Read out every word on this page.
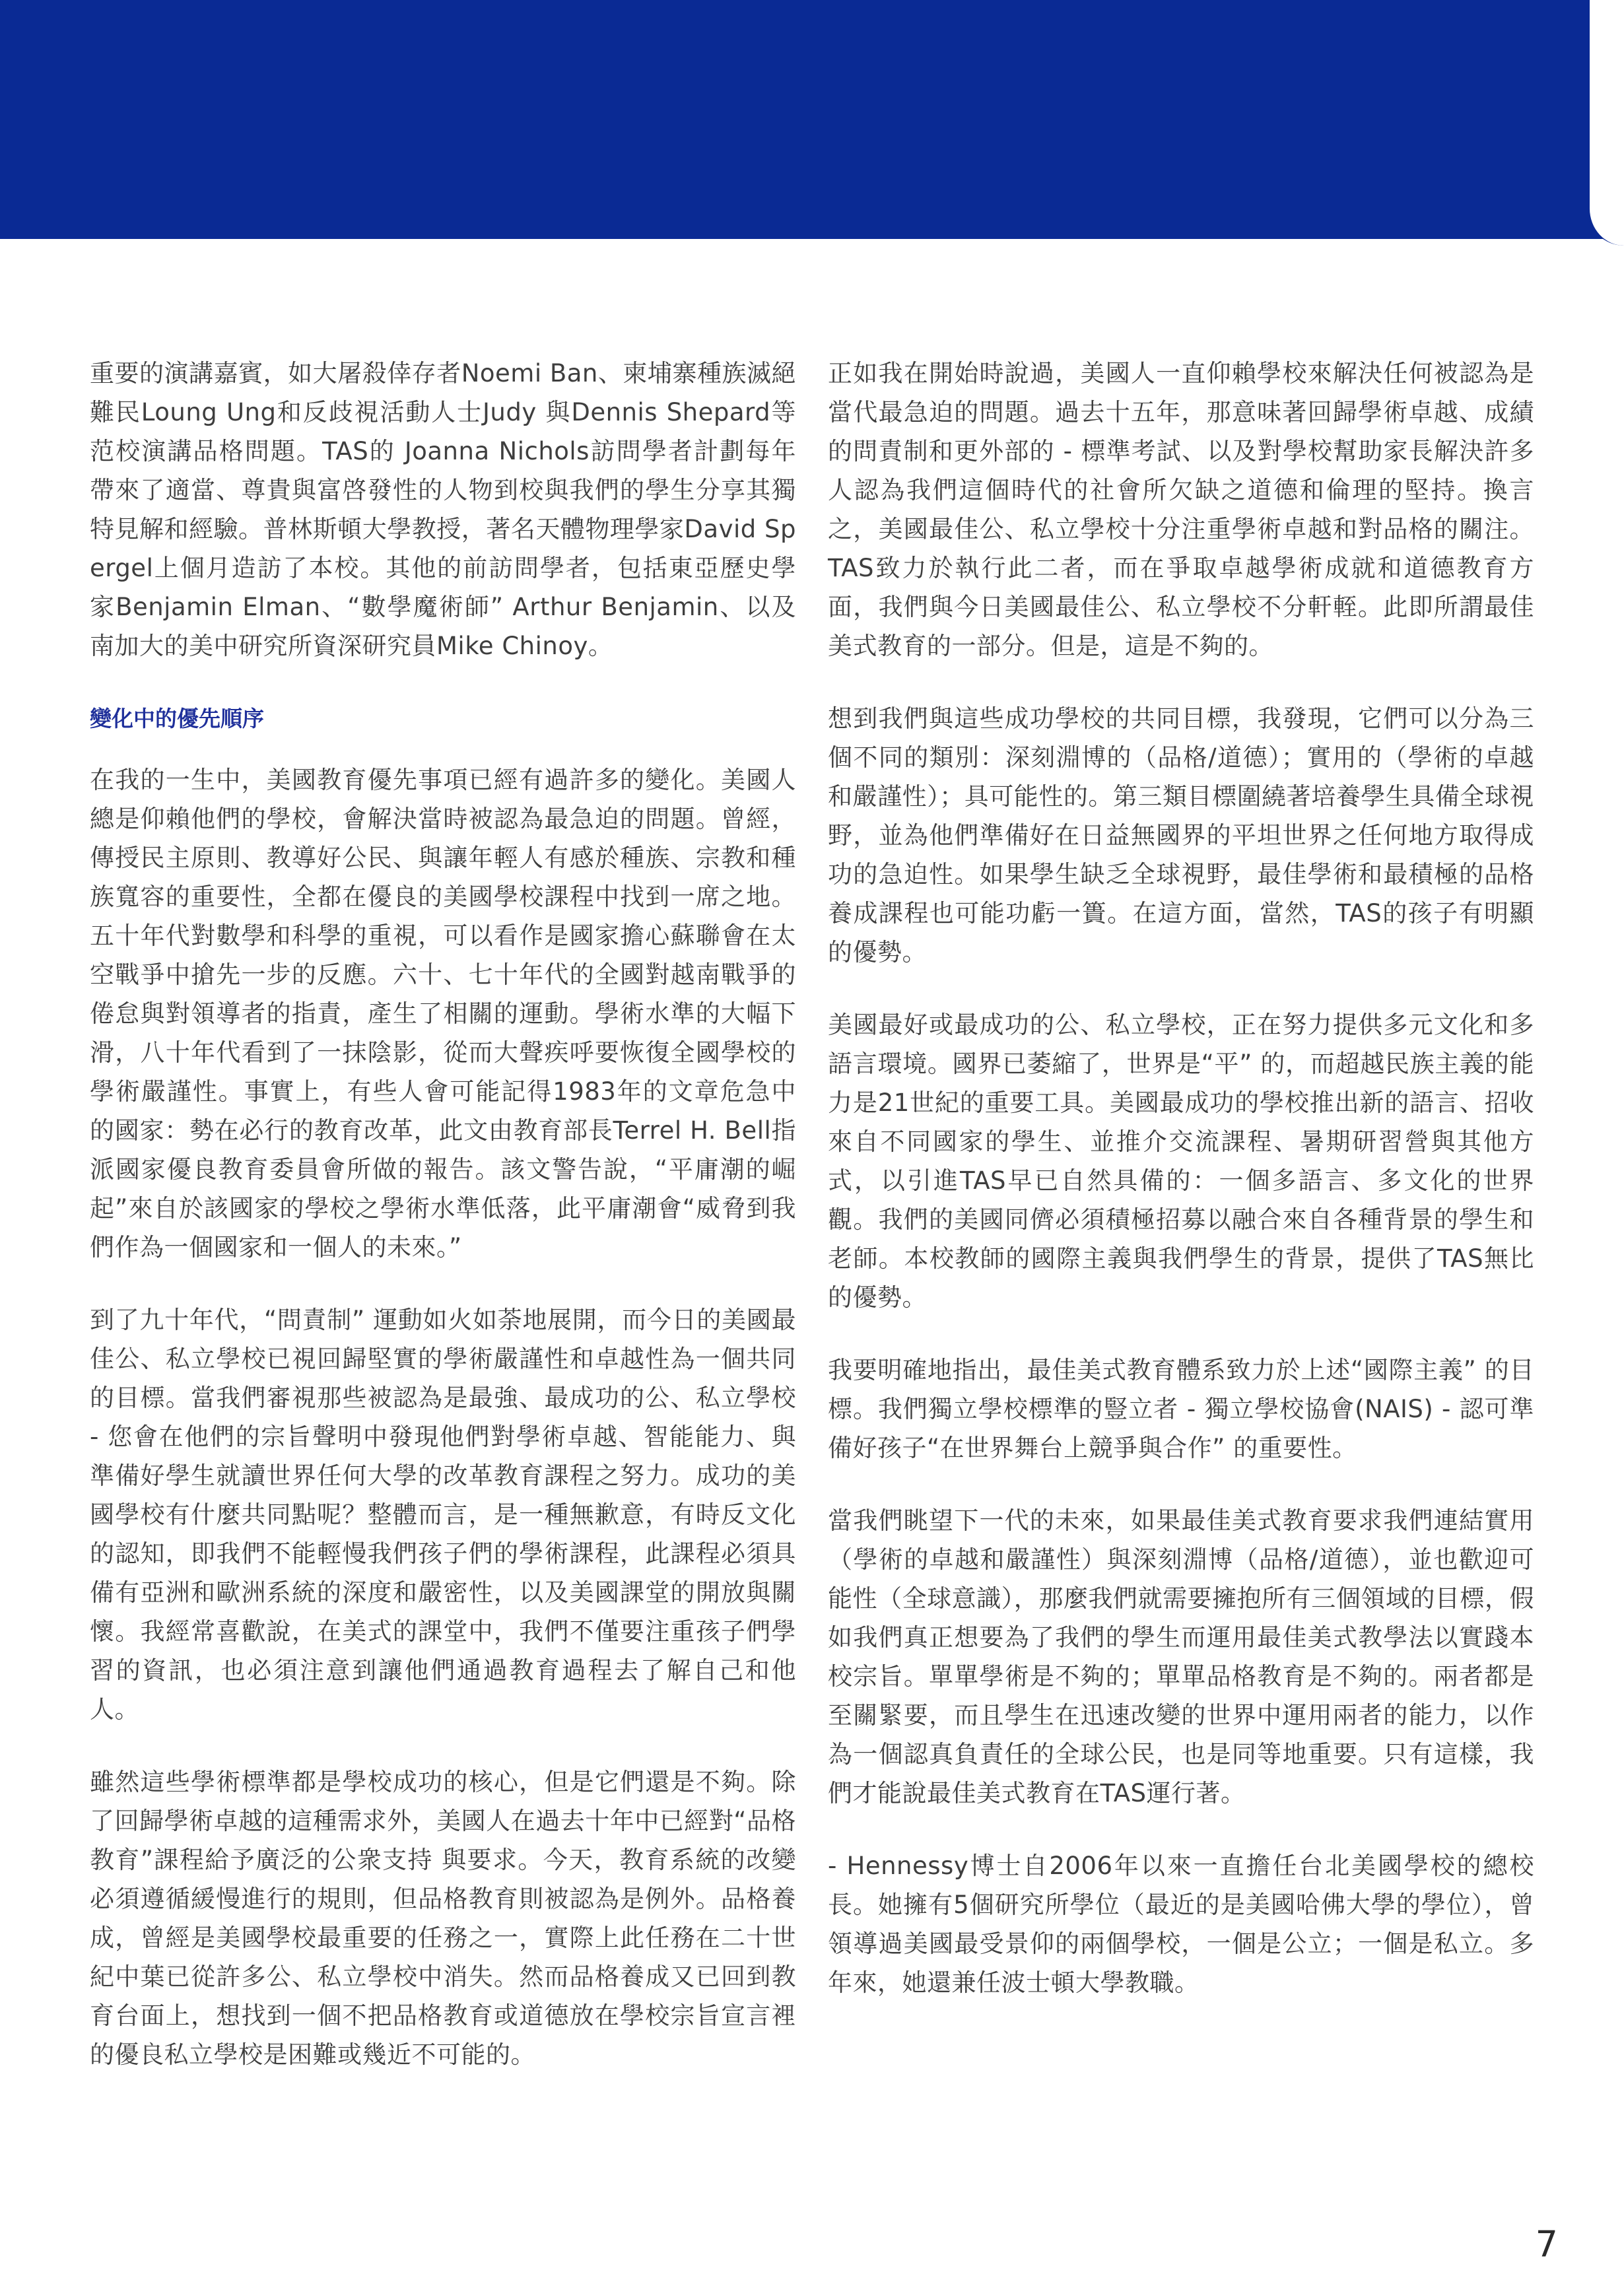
重要的演講嘉賓，如大屠殺倖存者Noemi Ban、柬埔寨種族滅絕難民Loung Ung和反歧視活動人士Judy 與Dennis Shepard等范校演講品格問題。TAS的 Joanna Nichols訪問學者計劃每年帶來了適當、尊貴與富啓發性的人物到校與我們的學生分享其獨特見解和經驗。普林斯頓大學教授，著名天體物理學家David Spergel上個月造訪了本校。其他的前訪問學者，包括東亞歷史學家Benjamin Elman、“數學魔術師” Arthur Benjamin、以及南加大的美中研究所資深研究員Mike Chinoy。

變化中的優先順序

在我的一生中，美國教育優先事項已經有過許多的變化。美國人總是仰賴他們的學校，會解決當時被認為最急迫的問題。曾經，傳授民主原則、教導好公民、與讓年輕人有感於種族、宗教和種族寬容的重要性，全都在優良的美國學校課程中找到一席之地。五十年代對數學和科學的重視，可以看作是國家擔心蘇聯會在太空戰爭中搶先一步的反應。六十、七十年代的全國對越南戰爭的倦怠與對領導者的指責，產生了相關的運動。學術水準的大幅下滑，八十年代看到了一抹陰影，從而大聲疾呼要恢復全國學校的學術嚴謹性。事實上，有些人會可能記得1983年的文章危急中的國家：勢在必行的教育改革，此文由教育部長Terrel H. Bell指派國家優良教育委員會所做的報告。該文警告說，“平庸潮的崛起”來自於該國家的學校之學術水準低落，此平庸潮會“威脅到我們作為一個國家和一個人的未來。”

到了九十年代，“問責制” 運動如火如荼地展開，而今日的美國最佳公、私立學校已視回歸堅實的學術嚴謹性和卓越性為一個共同的目標。當我們審視那些被認為是最強、最成功的公、私立學校 - 您會在他們的宗旨聲明中發現他們對學術卓越、智能能力、與準備好學生就讀世界任何大學的改革教育課程之努力。成功的美國學校有什麼共同點呢？整體而言，是一種無歉意，有時反文化的認知，即我們不能輕慢我們孩子們的學術課程，此課程必須具備有亞洲和歐洲系統的深度和嚴密性，以及美國課堂的開放與關懷。我經常喜歡說，在美式的課堂中，我們不僅要注重孩子們學習的資訊，也必須注意到讓他們通過教育過程去了解自己和他人。

雖然這些學術標準都是學校成功的核心，但是它們還是不夠。除了回歸學術卓越的這種需求外，美國人在過去十年中已經對“品格教育”課程給予廣泛的公衆支持 與要求。今天，教育系統的改變必須遵循緩慢進行的規則，但品格教育則被認為是例外。品格養成，曾經是美國學校最重要的任務之一，實際上此任務在二十世紀中葉已從許多公、私立學校中消失。然而品格養成又已回到教育台面上，想找到一個不把品格教育或道德放在學校宗旨宣言裡的優良私立學校是困難或幾近不可能的。

正如我在開始時說過，美國人一直仰賴學校來解決任何被認為是當代最急迫的問題。過去十五年，那意味著回歸學術卓越、成績的問責制和更外部的 - 標準考試、以及對學校幫助家長解決許多人認為我們這個時代的社會所欠缺之道德和倫理的堅持。換言之，美國最佳公、私立學校十分注重學術卓越和對品格的關注。TAS致力於執行此二者，而在爭取卓越學術成就和道德教育方面，我們與今日美國最佳公、私立學校不分軒輊。此即所謂最佳美式教育的一部分。但是，這是不夠的。

想到我們與這些成功學校的共同目標，我發現，它們可以分為三個不同的類別：深刻淵博的（品格/道德）；實用的（學術的卓越和嚴謹性）；具可能性的。第三類目標圍繞著培養學生具備全球視野，並為他們準備好在日益無國界的平坦世界之任何地方取得成功的急迫性。如果學生缺乏全球視野，最佳學術和最積極的品格養成課程也可能功虧一簣。在這方面，當然，TAS的孩子有明顯的優勢。

美國最好或最成功的公、私立學校，正在努力提供多元文化和多語言環境。國界已萎縮了，世界是“平” 的，而超越民族主義的能力是21世紀的重要工具。美國最成功的學校推出新的語言、招收來自不同國家的學生、並推介交流課程、暑期研習營與其他方式，以引進TAS早已自然具備的：一個多語言、多文化的世界觀。我們的美國同儕必須積極招募以融合來自各種背景的學生和老師。本校教師的國際主義與我們學生的背景，提供了TAS無比的優勢。

我要明確地指出，最佳美式教育體系致力於上述“國際主義” 的目標。我們獨立學校標準的豎立者 - 獨立學校協會(NAIS) - 認可準備好孩子“在世界舞台上競爭與合作” 的重要性。

當我們眺望下一代的未來，如果最佳美式教育要求我們連結實用（學術的卓越和嚴謹性）與深刻淵博（品格/道德），並也歡迎可能性（全球意識），那麼我們就需要擁抱所有三個領域的目標，假如我們真正想要為了我們的學生而運用最佳美式教學法以實踐本校宗旨。單單學術是不夠的；單單品格教育是不夠的。兩者都是至關緊要，而且學生在迅速改變的世界中運用兩者的能力，以作為一個認真負責任的全球公民，也是同等地重要。只有這樣，我們才能說最佳美式教育在TAS運行著。

- Hennessy博士自2006年以來一直擔任台北美國學校的總校長。她擁有5個研究所學位（最近的是美國哈佛大學的學位），曾領導過美國最受景仰的兩個學校，一個是公立；一個是私立。多年來，她還兼任波士頓大學教職。

7
